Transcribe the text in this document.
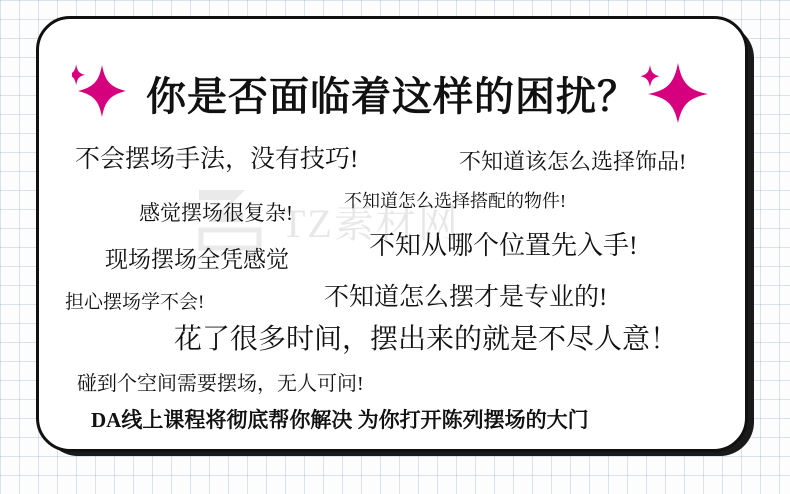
TZ素材网
你是否面临着这样的困扰？
不会摆场手法，没有技巧!	不知道该怎么选择饰品!
感觉摆场很复杂!	不知道怎么选择搭配的物件!
不知从哪个位置先入手!
现场摆场全凭感觉
不知道怎么摆才是专业的!
担心摆场学不会!
花了很多时间，摆出来的就是不尽人意！
碰到个空间需要摆场，无人可问!
DA线上课程将彻底帮你解决 为你打开陈列摆场的大门
